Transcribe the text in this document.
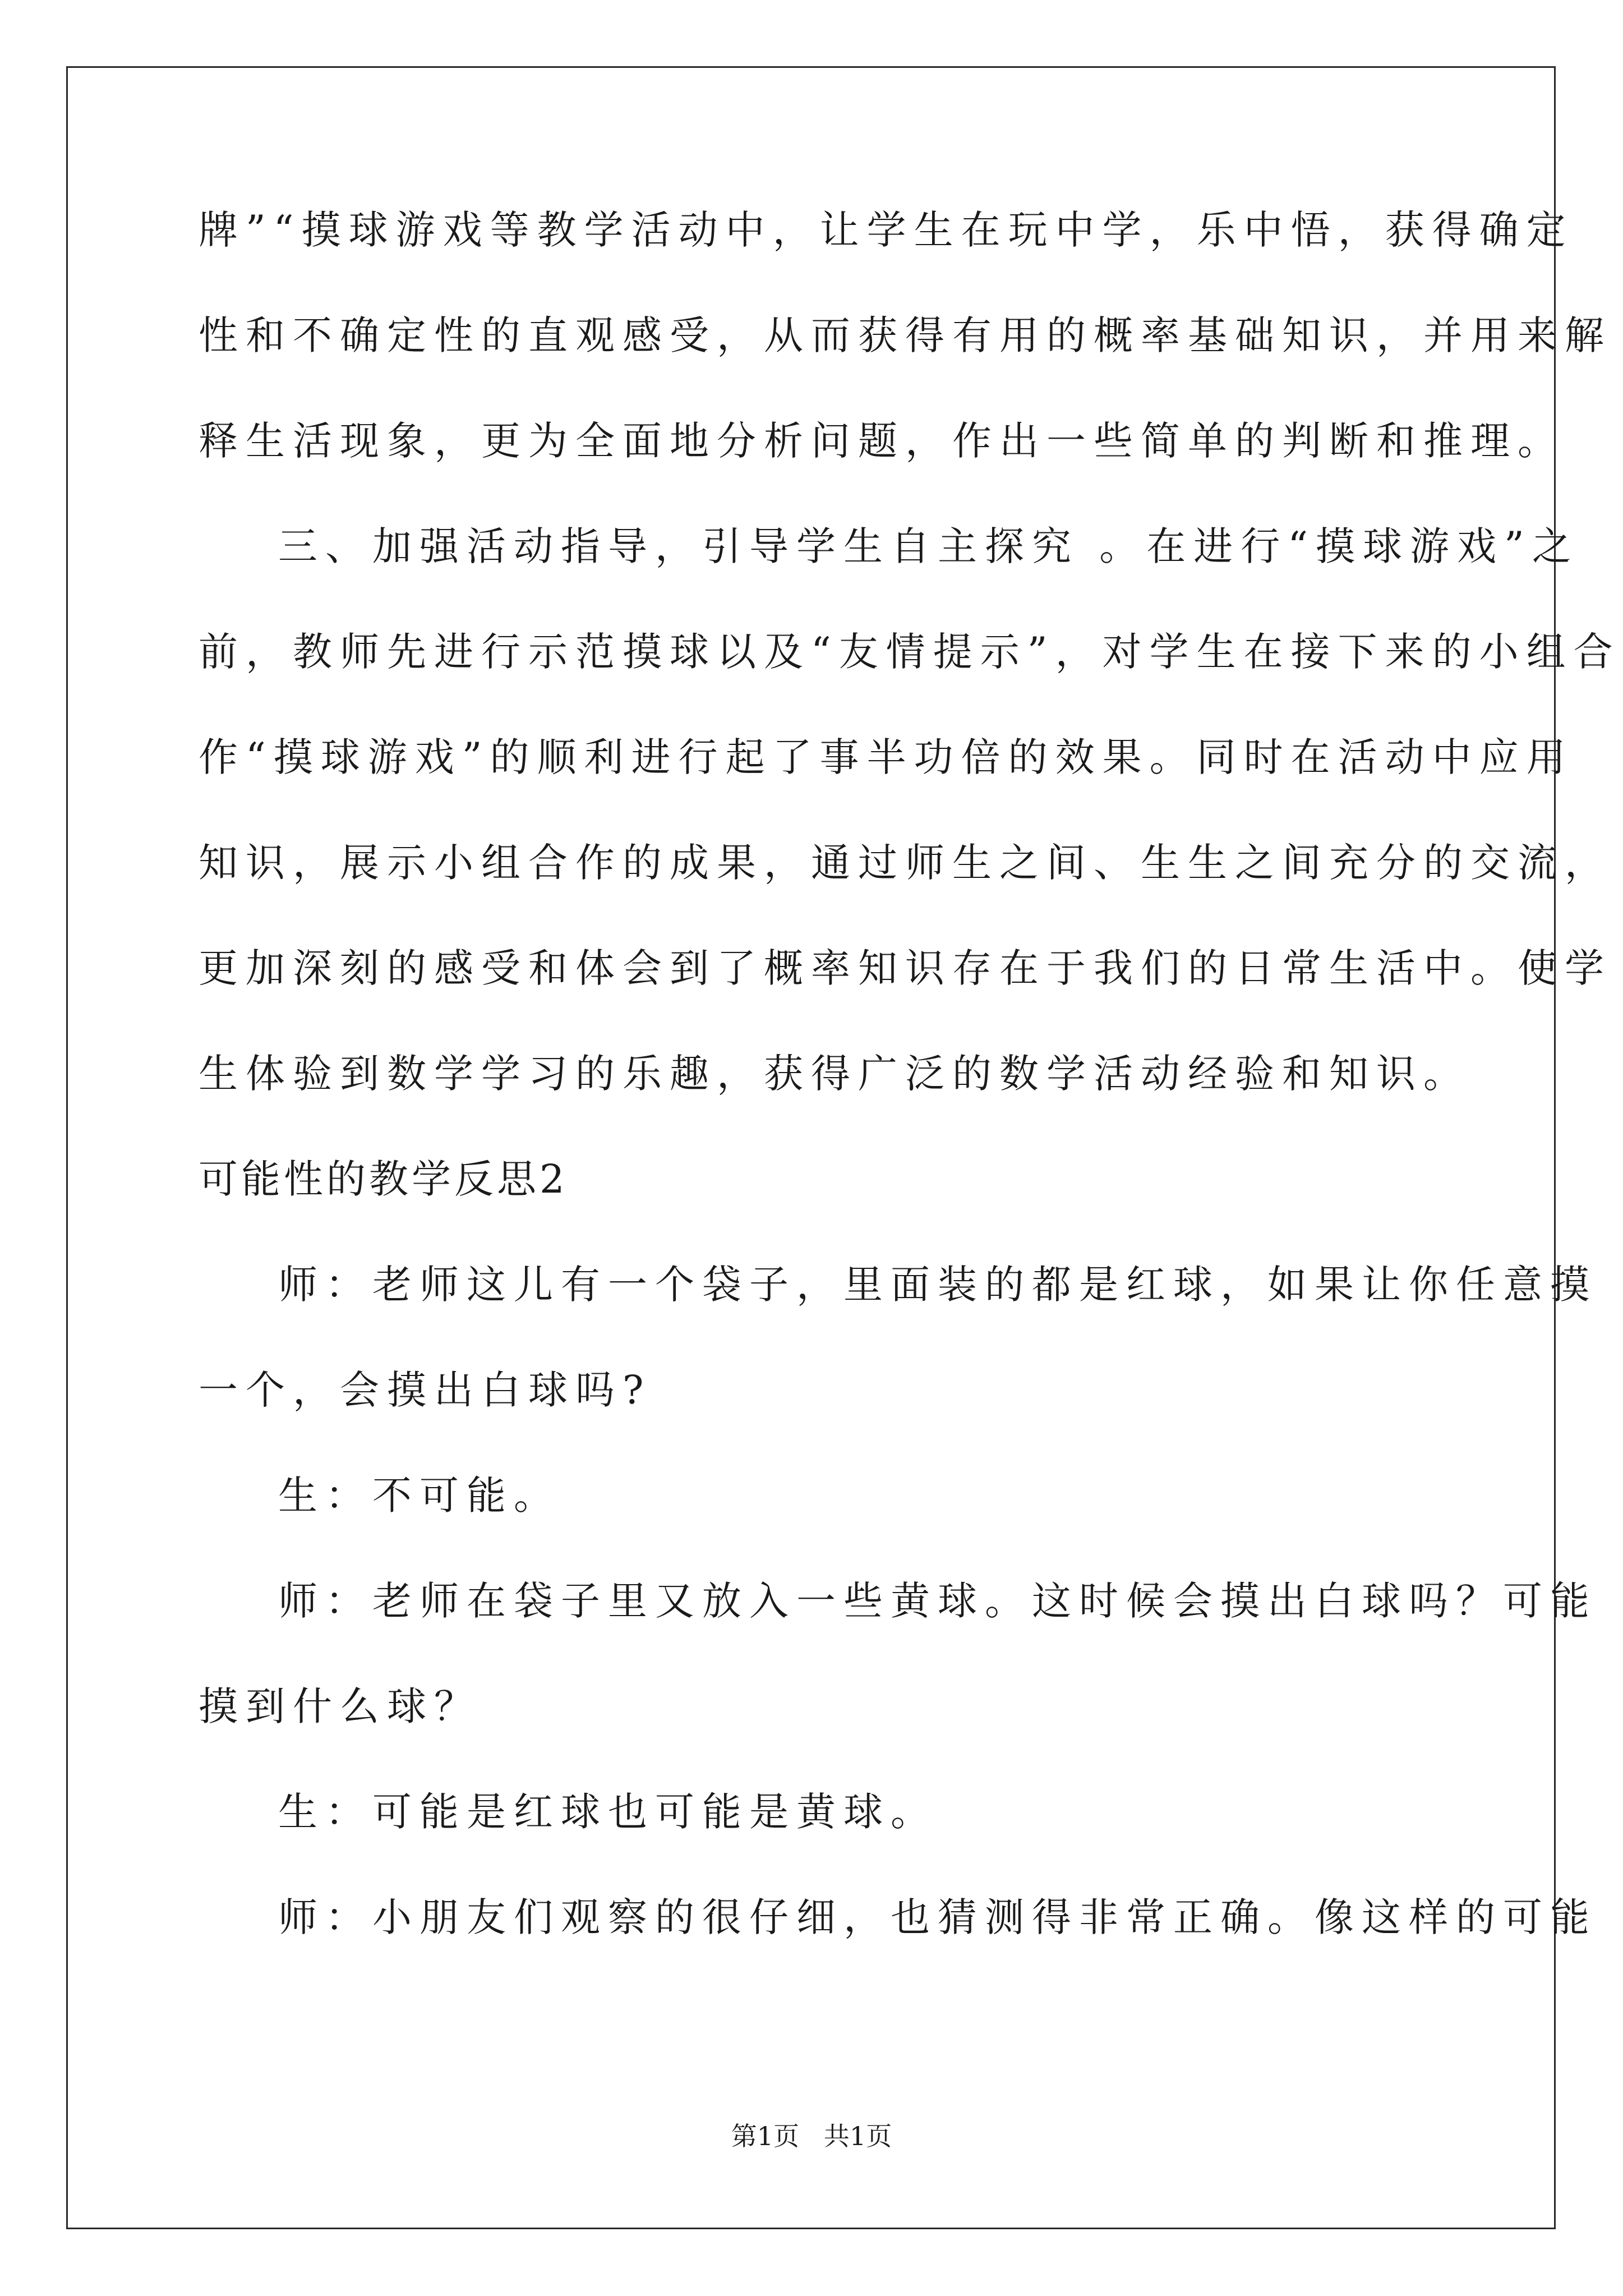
牌”“摸球游戏等教学活动中，让学生在玩中学，乐中悟，获得确定
性和不确定性的直观感受，从而获得有用的概率基础知识，并用来解
释生活现象，更为全面地分析问题，作出一些简单的判断和推理。
三、加强活动指导，引导学生自主探究 。在进行“摸球游戏”之
前，教师先进行示范摸球以及“友情提示”，对学生在接下来的小组合
作“摸球游戏”的顺利进行起了事半功倍的效果。同时在活动中应用
知识，展示小组合作的成果，通过师生之间、生生之间充分的交流，
更加深刻的感受和体会到了概率知识存在于我们的日常生活中。使学
生体验到数学学习的乐趣，获得广泛的数学活动经验和知识。
可能性的教学反思2
师：老师这儿有一个袋子，里面装的都是红球，如果让你任意摸
一个，会摸出白球吗?
生：不可能。
师：老师在袋子里又放入一些黄球。这时候会摸出白球吗？可能
摸到什么球？
生：可能是红球也可能是黄球。
师：小朋友们观察的很仔细，也猜测得非常正确。像这样的可能
第1页   共1页
